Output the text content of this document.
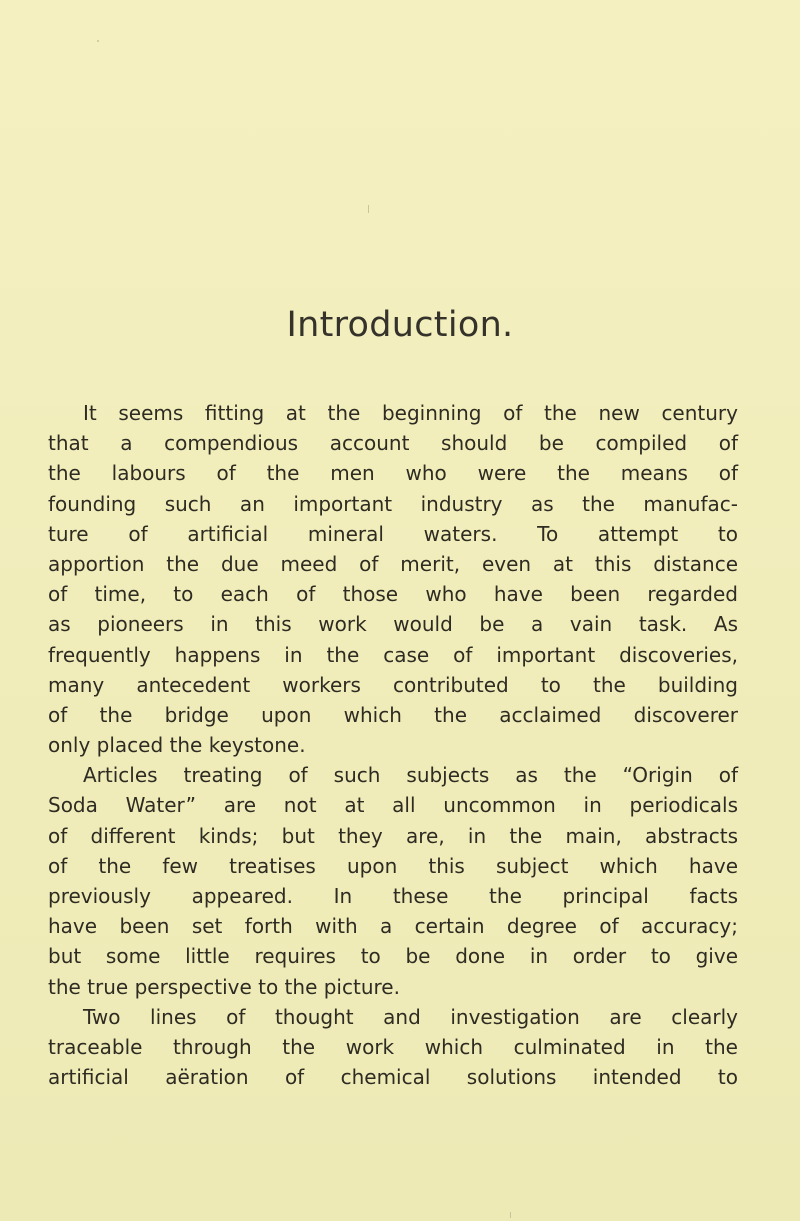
Introduction.
It seems fitting at the beginning of the new century
that a compendious account should be compiled of
the labours of the men who were the means of
founding such an important industry as the manufac-
ture of artificial mineral waters. To attempt to
apportion the due meed of merit, even at this distance
of time, to each of those who have been regarded
as pioneers in this work would be a vain task. As
frequently happens in the case of important discoveries,
many antecedent workers contributed to the building
of the bridge upon which the acclaimed discoverer
only placed the keystone.
Articles treating of such subjects as the “Origin of
Soda Water” are not at all uncommon in periodicals
of different kinds; but they are, in the main, abstracts
of the few treatises upon this subject which have
previously appeared. In these the principal facts
have been set forth with a certain degree of accuracy;
but some little requires to be done in order to give
the true perspective to the picture.
Two lines of thought and investigation are clearly
traceable through the work which culminated in the
artificial aëration of chemical solutions intended to
